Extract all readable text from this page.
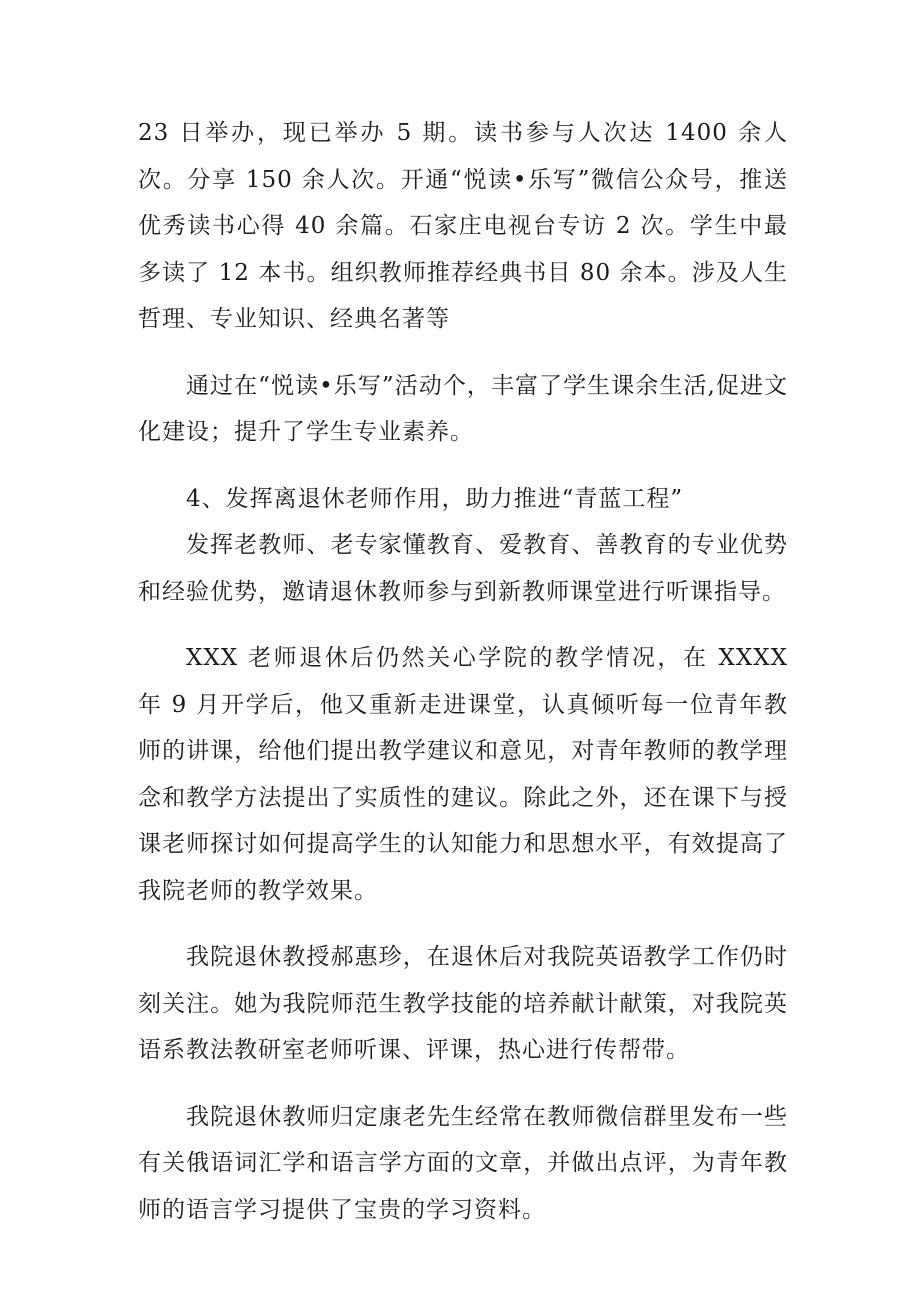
23 日举办，现已举办 5 期。读书参与人次达 1400 余人次。分享 150 余人次。开通“悦读•乐写”微信公众号，推送优秀读书心得 40 余篇。石家庄电视台专访 2 次。学生中最多读了 12 本书。组织教师推荐经典书目 80 余本。涉及人生哲理、专业知识、经典名著等

通过在“悦读•乐写”活动个，丰富了学生课余生活,促进文化建设；提升了学生专业素养。

4、发挥离退休老师作用，助力推进“青蓝工程”

发挥老教师、老专家懂教育、爱教育、善教育的专业优势和经验优势，邀请退休教师参与到新教师课堂进行听课指导。

XXX 老师退休后仍然关心学院的教学情况，在 XXXX 年 9 月开学后，他又重新走进课堂，认真倾听每一位青年教师的讲课，给他们提出教学建议和意见，对青年教师的教学理念和教学方法提出了实质性的建议。除此之外，还在课下与授课老师探讨如何提高学生的认知能力和思想水平，有效提高了我院老师的教学效果。

我院退休教授郝惠珍，在退休后对我院英语教学工作仍时刻关注。她为我院师范生教学技能的培养献计献策，对我院英语系教法教研室老师听课、评课，热心进行传帮带。

我院退休教师归定康老先生经常在教师微信群里发布一些有关俄语词汇学和语言学方面的文章，并做出点评，为青年教师的语言学习提供了宝贵的学习资料。
